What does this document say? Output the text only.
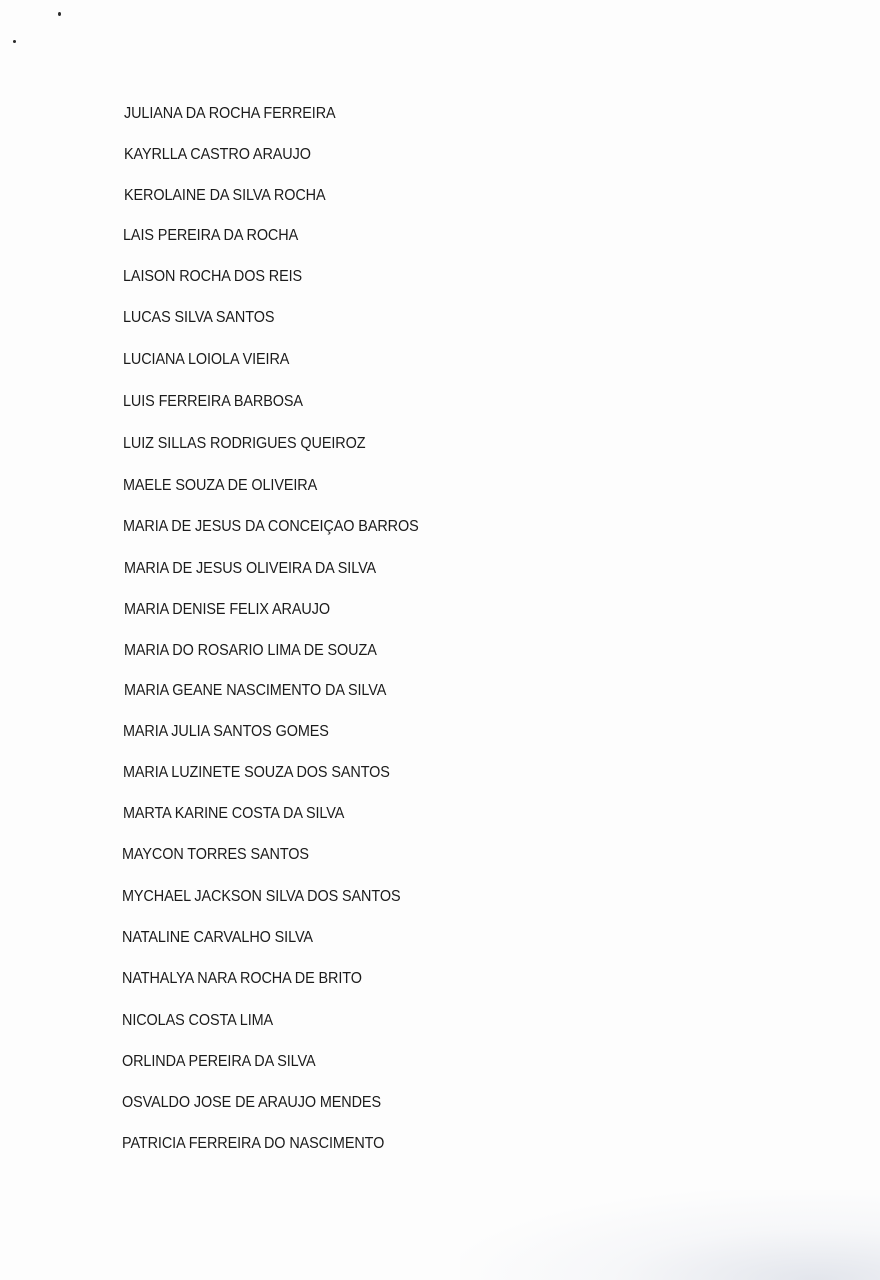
JULIANA DA ROCHA FERREIRA
KAYRLLA CASTRO ARAUJO
KEROLAINE DA SILVA ROCHA
LAIS PEREIRA DA ROCHA
LAISON ROCHA DOS REIS
LUCAS SILVA SANTOS
LUCIANA LOIOLA VIEIRA
LUIS FERREIRA BARBOSA
LUIZ SILLAS RODRIGUES QUEIROZ
MAELE SOUZA DE OLIVEIRA
MARIA DE JESUS DA CONCEIÇAO BARROS
MARIA DE JESUS OLIVEIRA DA SILVA
MARIA DENISE FELIX ARAUJO
MARIA DO ROSARIO LIMA DE SOUZA
MARIA GEANE NASCIMENTO DA SILVA
MARIA JULIA SANTOS GOMES
MARIA LUZINETE SOUZA DOS SANTOS
MARTA KARINE COSTA DA SILVA
MAYCON TORRES SANTOS
MYCHAEL JACKSON SILVA DOS SANTOS
NATALINE CARVALHO SILVA
NATHALYA NARA ROCHA DE BRITO
NICOLAS COSTA LIMA
ORLINDA PEREIRA DA SILVA
OSVALDO JOSE DE ARAUJO MENDES
PATRICIA FERREIRA DO NASCIMENTO
